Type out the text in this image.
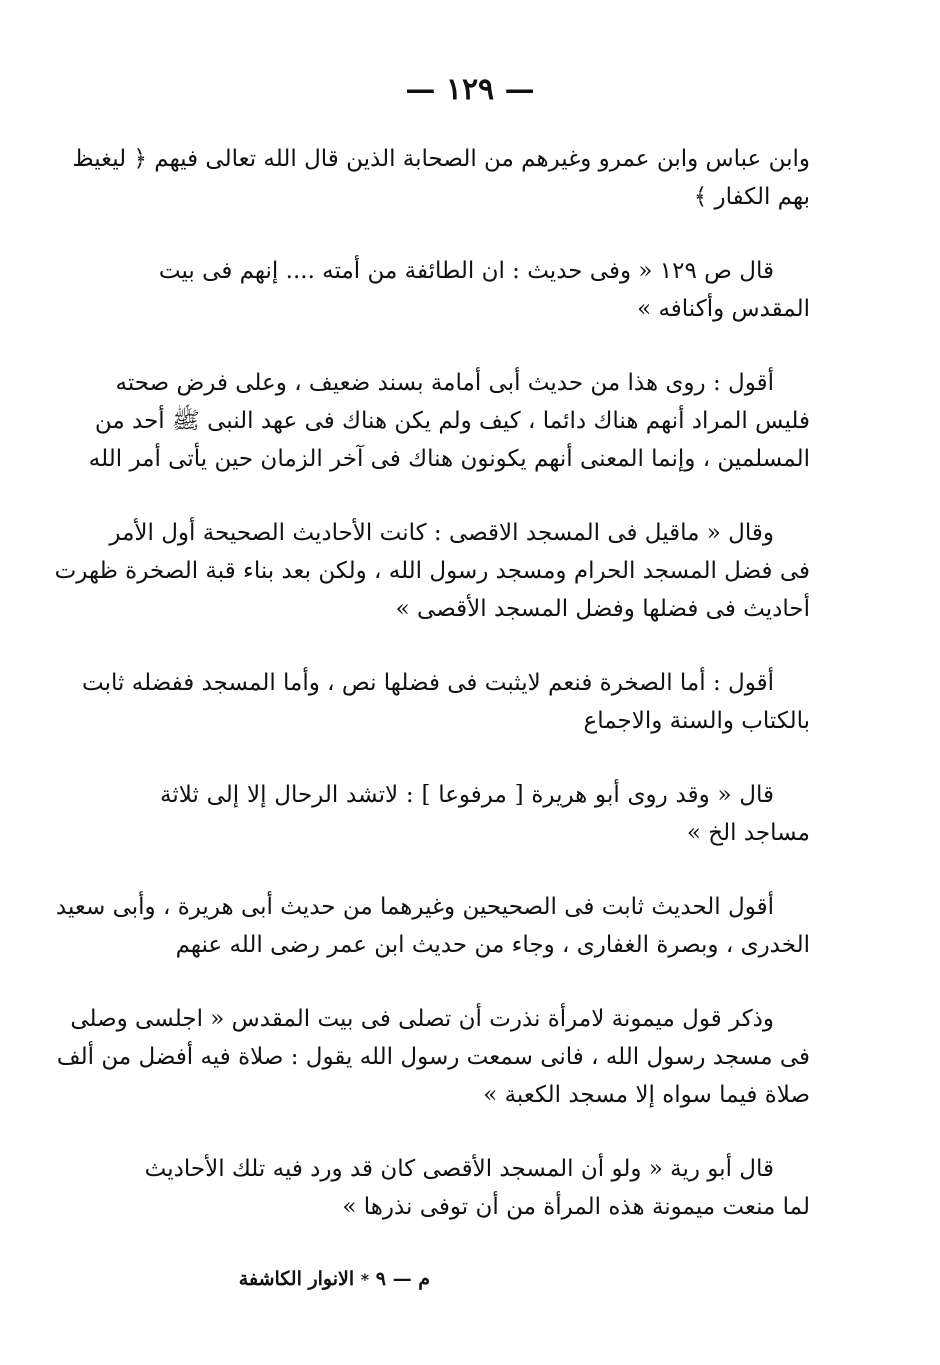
— ١٢٩ —
وابن عباس وابن عمرو وغيرهم من الصحابة الذين قال الله تعالى فيهم ﴿ ليغيظ
بهم الكفار ﴾
قال ص ١٢٩ « وفى حديث : ان الطائفة من أمته .... إنهم فى بيت
المقدس وأكنافه »
أقول : روى هذا من حديث أبى أمامة بسند ضعيف ، وعلى فرض صحته
فليس المراد أنهم هناك دائما ، كيف ولم يكن هناك فى عهد النبى ﷺ أحد من
المسلمين ، وإنما المعنى أنهم يكونون هناك فى آخر الزمان حين يأتى أمر الله
وقال « ماقيل فى المسجد الاقصى : كانت الأحاديث الصحيحة أول الأمر
فى فضل المسجد الحرام ومسجد رسول الله ، ولكن بعد بناء قبة الصخرة ظهرت
أحاديث فى فضلها وفضل المسجد الأقصى »
أقول : أما الصخرة فنعم لايثبت فى فضلها نص ، وأما المسجد ففضله ثابت
بالكتاب والسنة والاجماع
قال « وقد روى أبو هريرة [ مرفوعا ] : لاتشد الرحال إلا إلى ثلاثة
مساجد الخ »
أقول الحديث ثابت فى الصحيحين وغيرهما من حديث أبى هريرة ، وأبى سعيد
الخدرى ، وبصرة الغفارى ، وجاء من حديث ابن عمر رضى الله عنهم
وذكر قول ميمونة لامرأة نذرت أن تصلى فى بيت المقدس « اجلسى وصلى
فى مسجد رسول الله ، فانى سمعت رسول الله يقول : صلاة فيه أفضل من ألف
صلاة فيما سواه إلا مسجد الكعبة »
قال أبو رية « ولو أن المسجد الأقصى كان قد ورد فيه تلك الأحاديث
لما منعت ميمونة هذه المرأة من أن توفى نذرها »
م — ٩ * الانوار الكاشفة
